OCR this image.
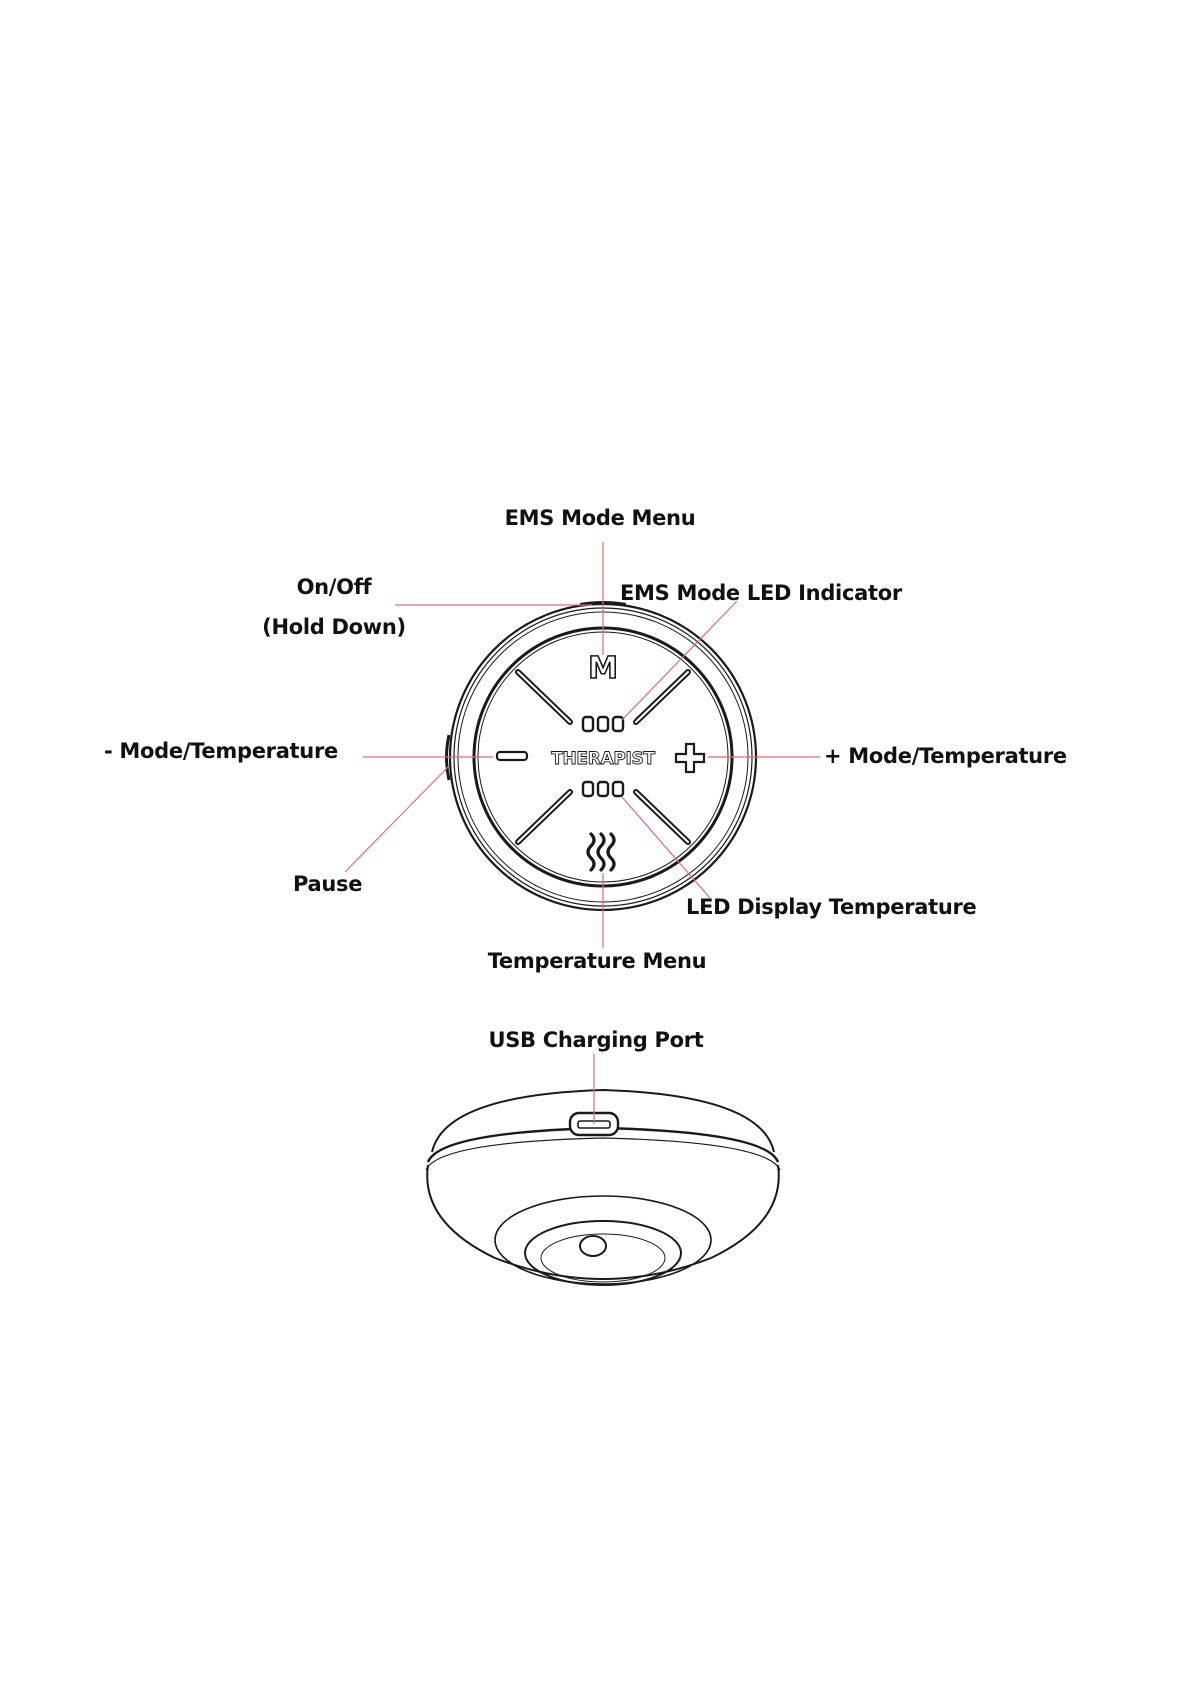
M
THERAPIST
EMS Mode Menu
EMS Mode LED Indicator
On/Off
(Hold Down)
- Mode/Temperature	+ Mode/Temperature
Pause
LED Display Temperature
Temperature Menu
USB Charging Port
